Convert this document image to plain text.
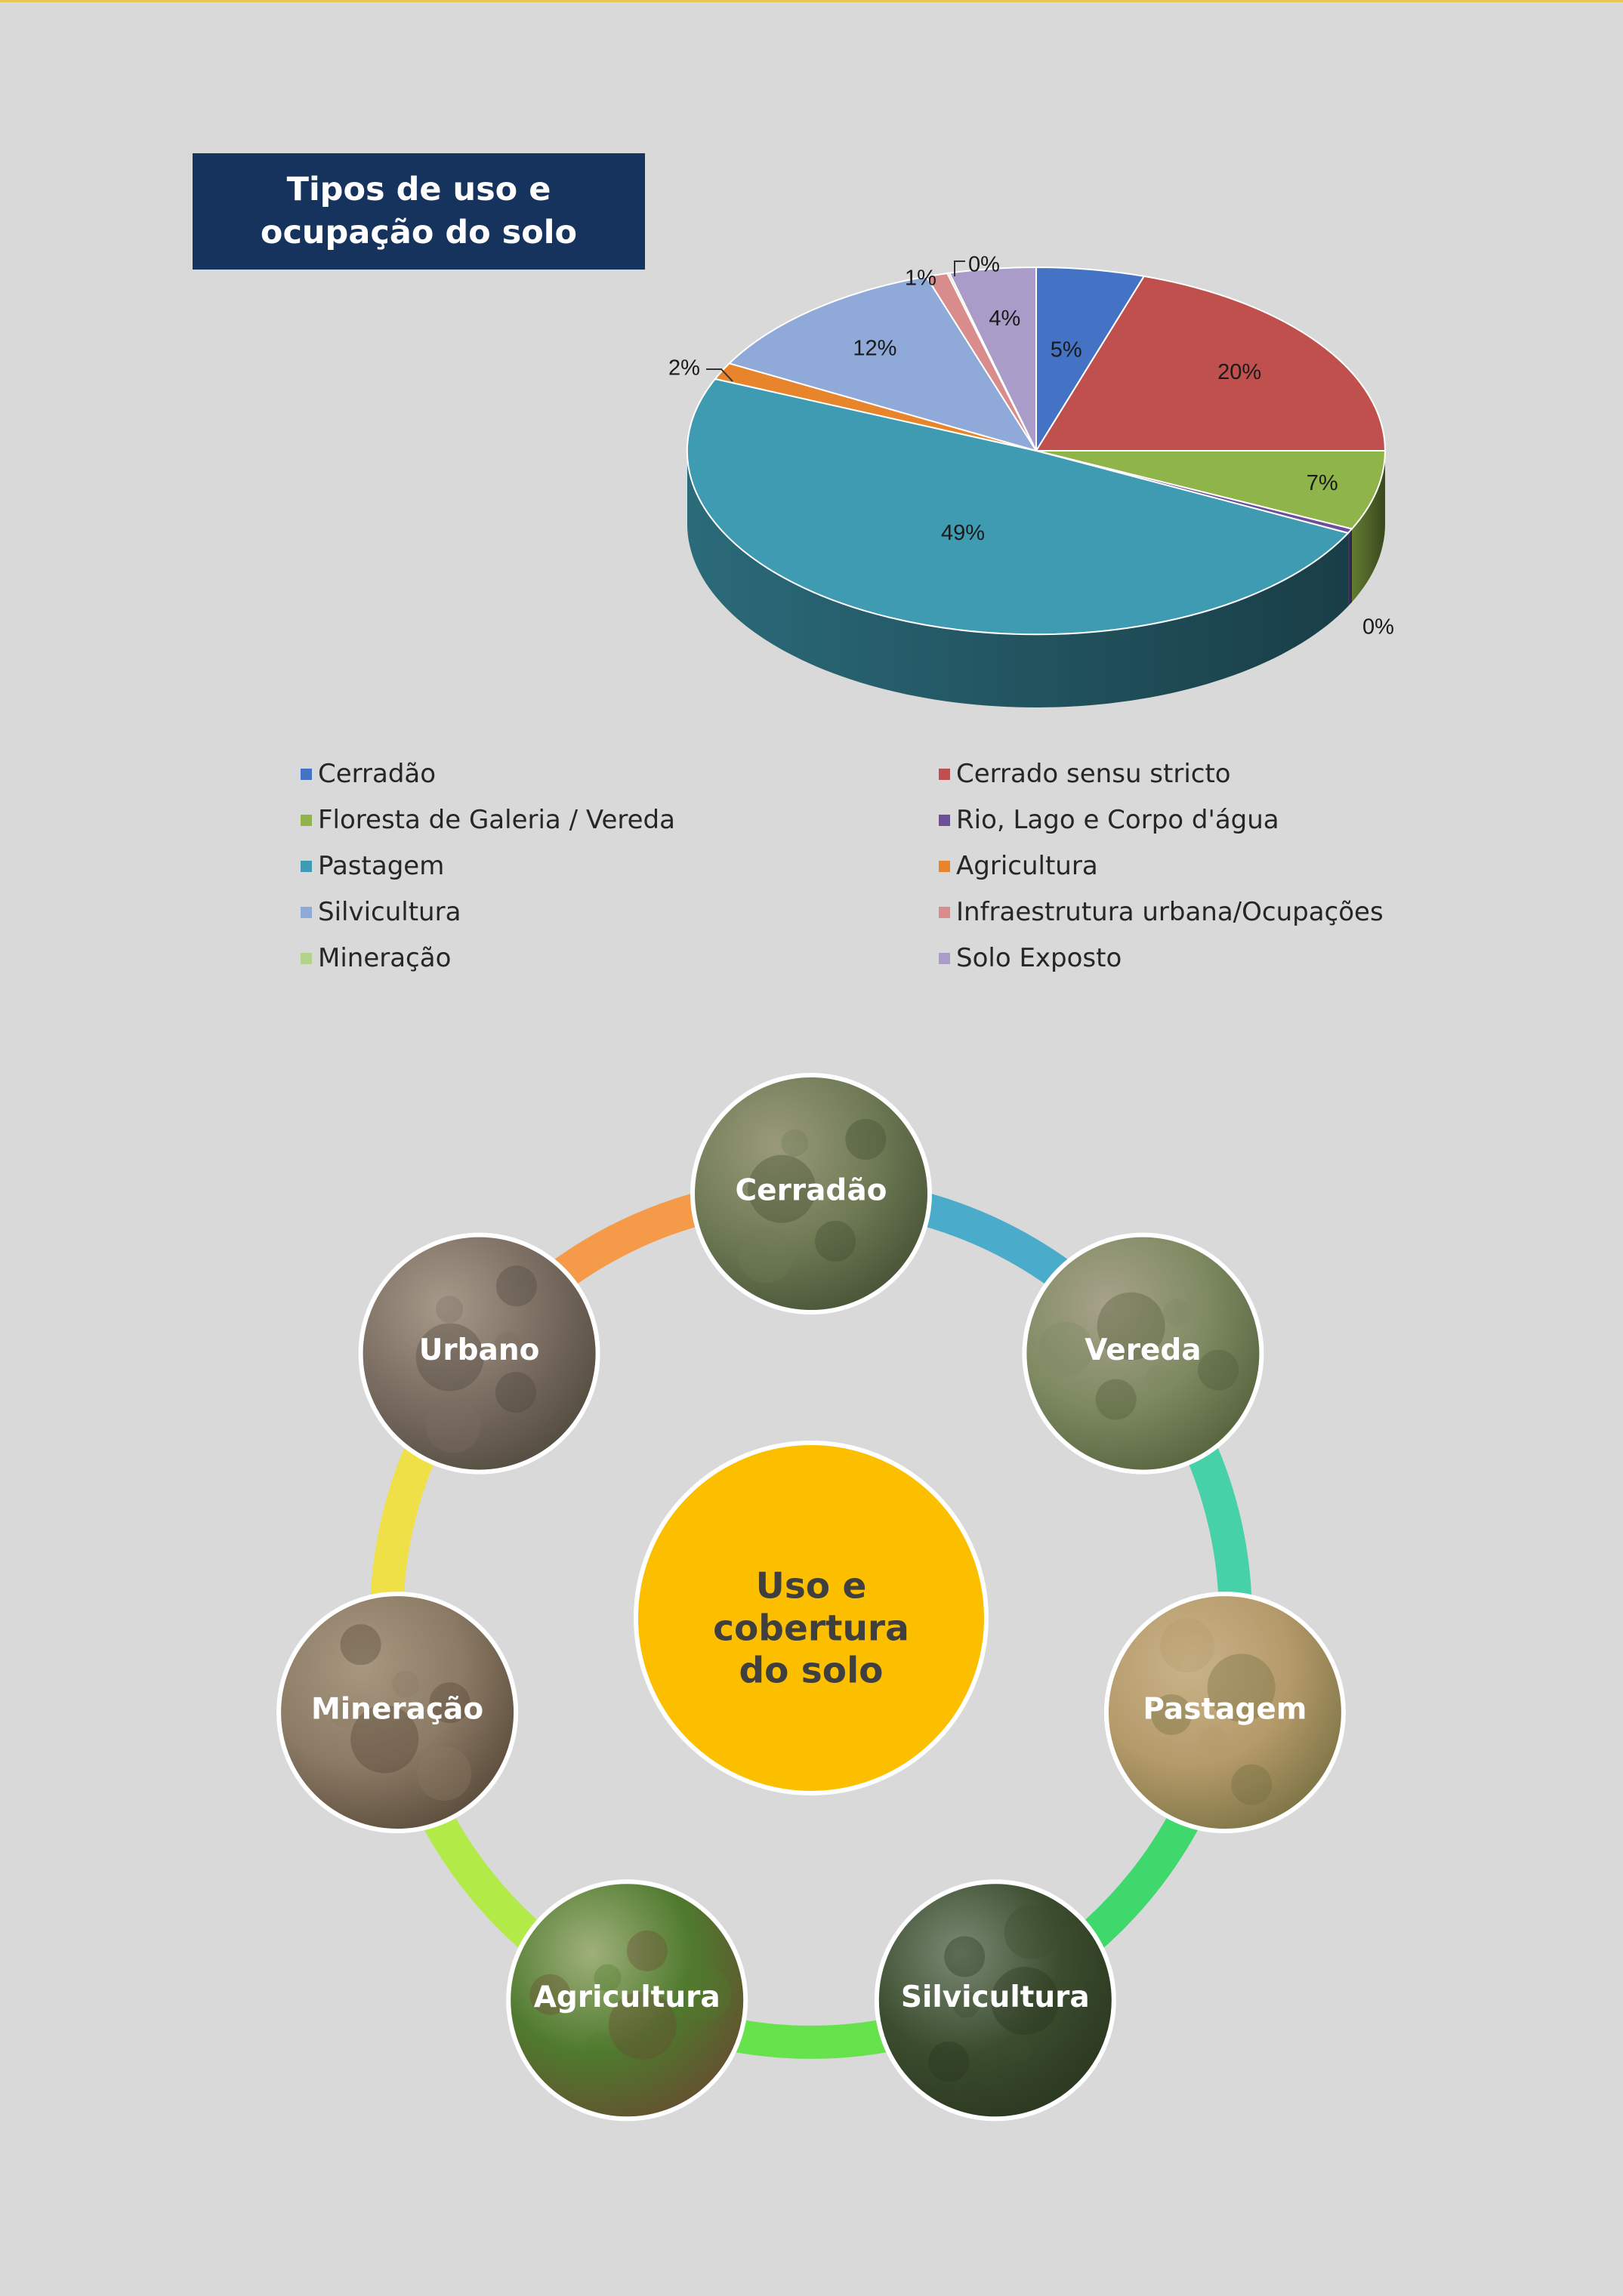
Tipos de uso e
ocupação do solo
5%
20%
7%
0%
49%
2%
12%
1%
0%
4%
Cerradão	Cerrado sensu stricto
Floresta de Galeria / Vereda	Rio, Lago e Corpo d'água
Pastagem	Agricultura
Silvicultura	Infraestrutura urbana/Ocupações
Mineração	Solo Exposto
Uso e
cobertura
do solo
Cerradão
Vereda
Pastagem
Silvicultura
Agricultura
Mineração
Urbano
